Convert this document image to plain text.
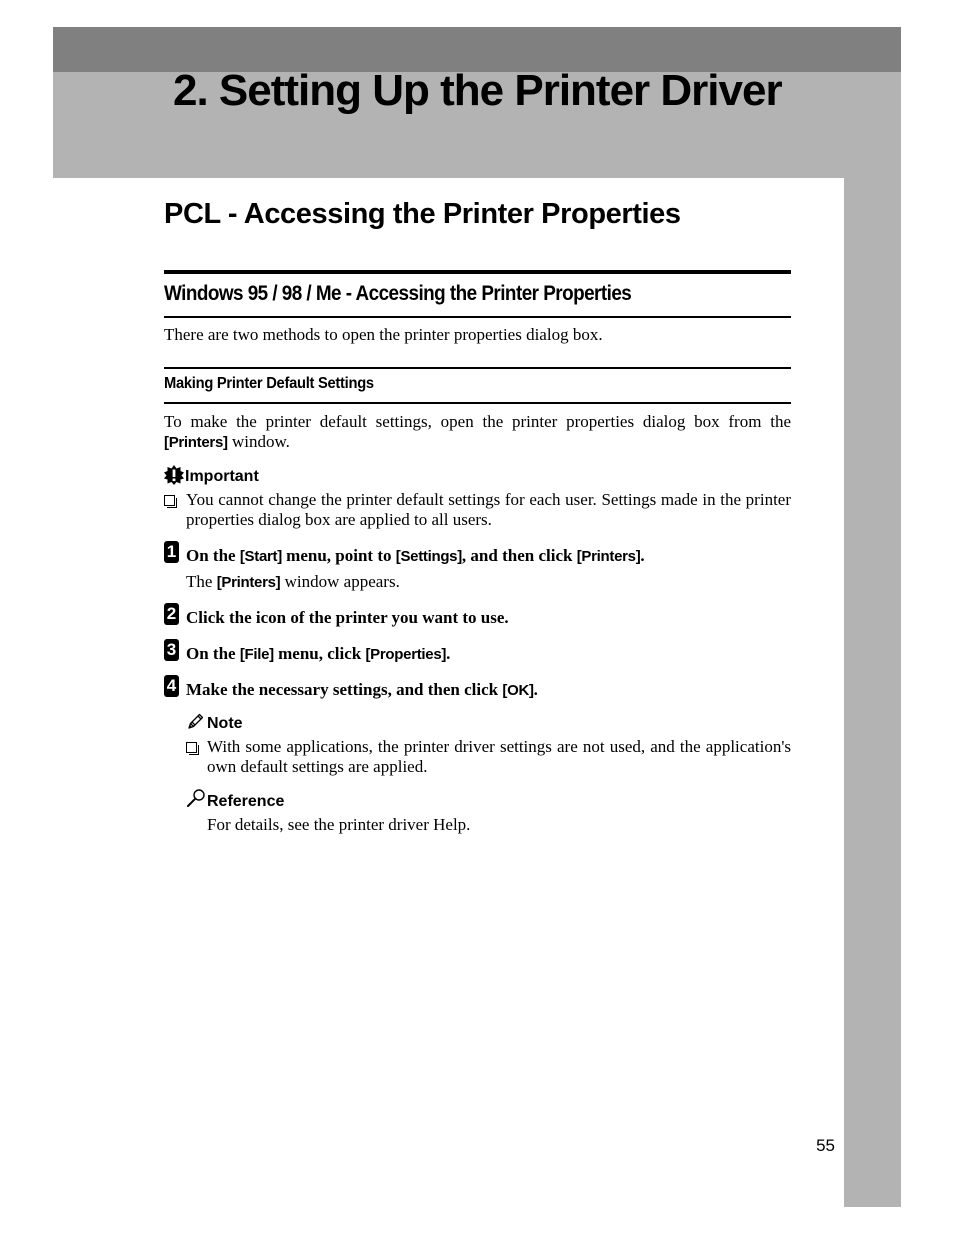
2. Setting Up the Printer Driver
PCL - Accessing the Printer Properties
Windows 95 / 98 / Me - Accessing the Printer Properties

There are two methods to open the printer properties dialog box.

Making Printer Default Settings

To make the printer default settings, open the printer properties dialog box from the [Printers] window.

Important

You cannot change the printer default settings for each user. Settings made in the printer properties dialog box are applied to all users.

1 On the [Start] menu, point to [Settings], and then click [Printers].

The [Printers] window appears.

2 Click the icon of the printer you want to use.

3 On the [File] menu, click [Properties].

4 Make the necessary settings, and then click [OK].

Note

With some applications, the printer driver settings are not used, and the application's own default settings are applied.

Reference

For details, see the printer driver Help.

55
